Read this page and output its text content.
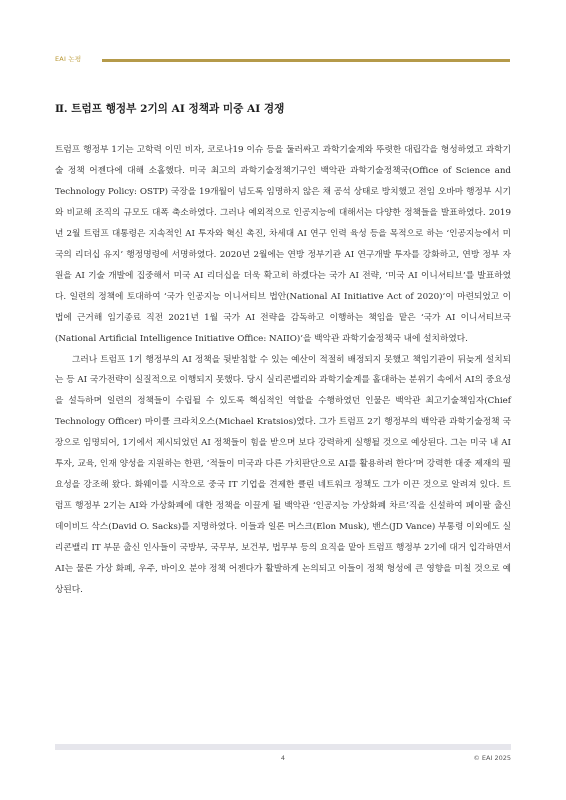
EAI 논평
Ⅱ. 트럼프 행정부 2기의 AI 정책과 미중 AI 경쟁

트럼프 행정부 1기는 고학력 이민 비자, 코로나19 이슈 등을 둘러싸고 과학기술계와 뚜렷한 대립각을 형성하였고 과학기술 정책 어젠다에 대해 소홀했다. 미국 최고의 과학기술정책기구인 백악관 과학기술정책국(Office of Science and Technology Policy: OSTP) 국장을 19개월이 넘도록 임명하지 않은 채 공석 상태로 방치했고 전임 오바마 행정부 시기와 비교해 조직의 규모도 대폭 축소하였다. 그러나 예외적으로 인공지능에 대해서는 다양한 정책들을 발표하였다. 2019년 2월 트럼프 대통령은 지속적인 AI 투자와 혁신 촉진, 차세대 AI 연구 인력 육성 등을 목적으로 하는 ‘인공지능에서 미국의 리더십 유지’ 행정명령에 서명하였다. 2020년 2월에는 연방 정부기관 AI 연구개발 투자를 강화하고, 연방 정부 자원을 AI 기술 개발에 집중해서 미국 AI 리더십을 더욱 확고히 하겠다는 국가 AI 전략, ‘미국 AI 이니셔티브’를 발표하였다. 일련의 정책에 토대하여 ‘국가 인공지능 이니셔티브 법안(National AI Initiative Act of 2020)’이 마련되었고 이 법에 근거해 임기종료 직전 2021년 1월 국가 AI 전략을 감독하고 이행하는 책임을 맡은 ‘국가 AI 이니셔티브국(National Artificial Intelligence Initiative Office: NAIIO)’을 백악관 과학기술정책국 내에 설치하였다.

그러나 트럼프 1기 행정부의 AI 정책을 뒷받침할 수 있는 예산이 적절히 배정되지 못했고 책임기관이 뒤늦게 설치되는 등 AI 국가전략이 실질적으로 이행되지 못했다. 당시 실리콘밸리와 과학기술계를 홀대하는 분위기 속에서 AI의 중요성을 설득하며 일련의 정책들이 수립될 수 있도록 핵심적인 역할을 수행하였던 인물은 백악관 최고기술책임자(Chief Technology Officer) 마이클 크라치오스(Michael Kratsios)였다. 그가 트럼프 2기 행정부의 백악관 과학기술정책 국장으로 임명되어, 1기에서 제시되었던 AI 정책들이 힘을 받으며 보다 강력하게 실행될 것으로 예상된다. 그는 미국 내 AI 투자, 교육, 인재 양성을 지원하는 한편, ‘적들이 미국과 다른 가치판단으로 AI를 활용하려 한다’며 강력한 대중 제재의 필요성을 강조해 왔다. 화웨이를 시작으로 중국 IT 기업을 견제한 클린 네트워크 정책도 그가 이끈 것으로 알려져 있다. 트럼프 행정부 2기는 AI와 가상화폐에 대한 정책을 이끌게 될 백악관 ‘인공지능 가상화폐 차르’직을 신설하여 페이팔 출신 데이비드 삭스(David O. Sacks)를 지명하였다. 이들과 일론 머스크(Elon Musk), 밴스(JD Vance) 부통령 이외에도 실리콘밸리 IT 부문 출신 인사들이 국방부, 국무부, 보건부, 법무부 등의 요직을 맡아 트럼프 행정부 2기에 대거 입각하면서 AI는 물론 가상 화폐, 우주, 바이오 분야 정책 어젠다가 활발하게 논의되고 이들이 정책 형성에 큰 영향을 미칠 것으로 예상된다.

4	© EAI 2025
